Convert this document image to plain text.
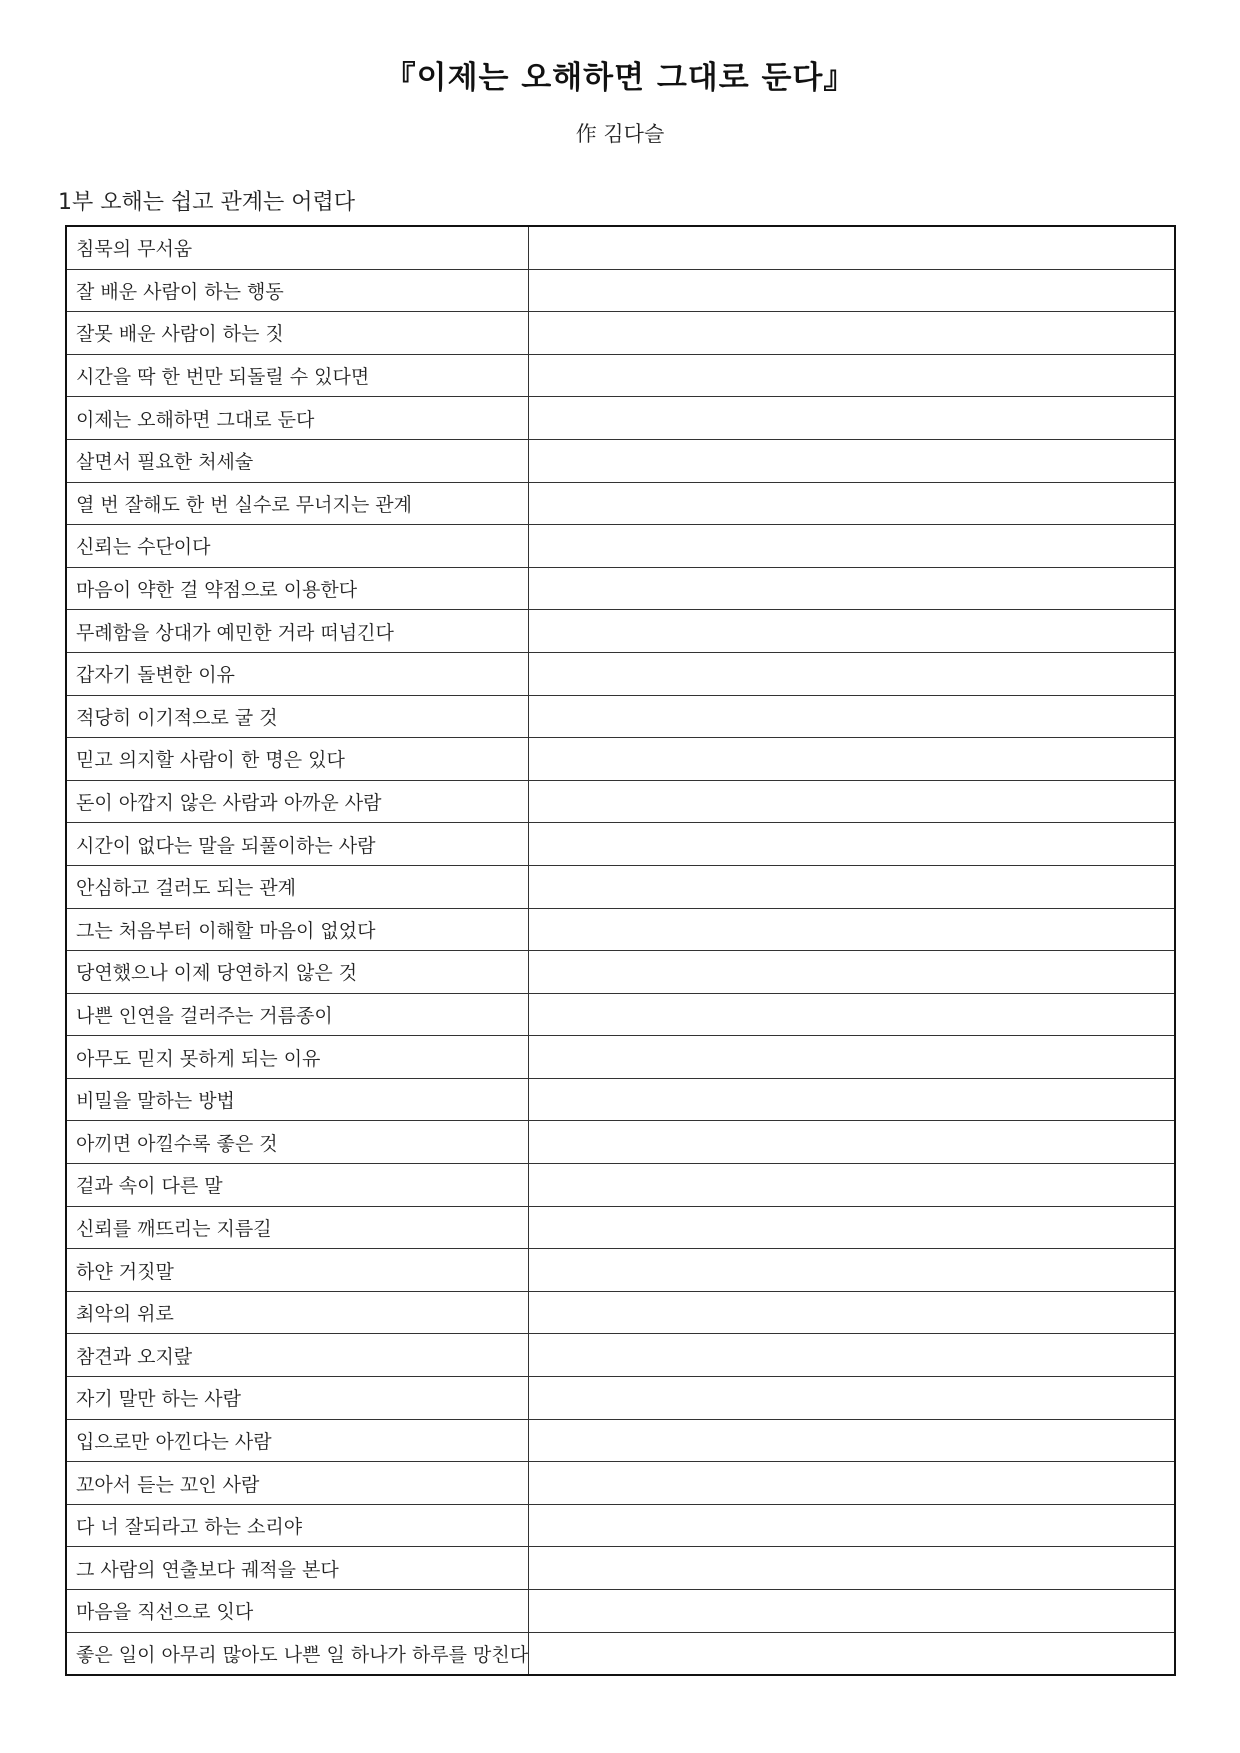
『이제는 오해하면 그대로 둔다』
作 김다슬
1부 오해는 쉽고 관계는 어렵다
침묵의 무서움	
잘 배운 사람이 하는 행동	
잘못 배운 사람이 하는 짓	
시간을 딱 한 번만 되돌릴 수 있다면	
이제는 오해하면 그대로 둔다	
살면서 필요한 처세술	
열 번 잘해도 한 번 실수로 무너지는 관계	
신뢰는 수단이다	
마음이 약한 걸 약점으로 이용한다	
무례함을 상대가 예민한 거라 떠넘긴다	
갑자기 돌변한 이유	
적당히 이기적으로 굴 것	
믿고 의지할 사람이 한 명은 있다	
돈이 아깝지 않은 사람과 아까운 사람	
시간이 없다는 말을 되풀이하는 사람	
안심하고 걸러도 되는 관계	
그는 처음부터 이해할 마음이 없었다	
당연했으나 이제 당연하지 않은 것	
나쁜 인연을 걸러주는 거름종이	
아무도 믿지 못하게 되는 이유	
비밀을 말하는 방법	
아끼면 아낄수록 좋은 것	
겉과 속이 다른 말	
신뢰를 깨뜨리는 지름길	
하얀 거짓말	
최악의 위로	
참견과 오지랖	
자기 말만 하는 사람	
입으로만 아낀다는 사람	
꼬아서 듣는 꼬인 사람	
다 너 잘되라고 하는 소리야	
그 사람의 연출보다 궤적을 본다	
마음을 직선으로 잇다	
좋은 일이 아무리 많아도 나쁜 일 하나가 하루를 망친다	
